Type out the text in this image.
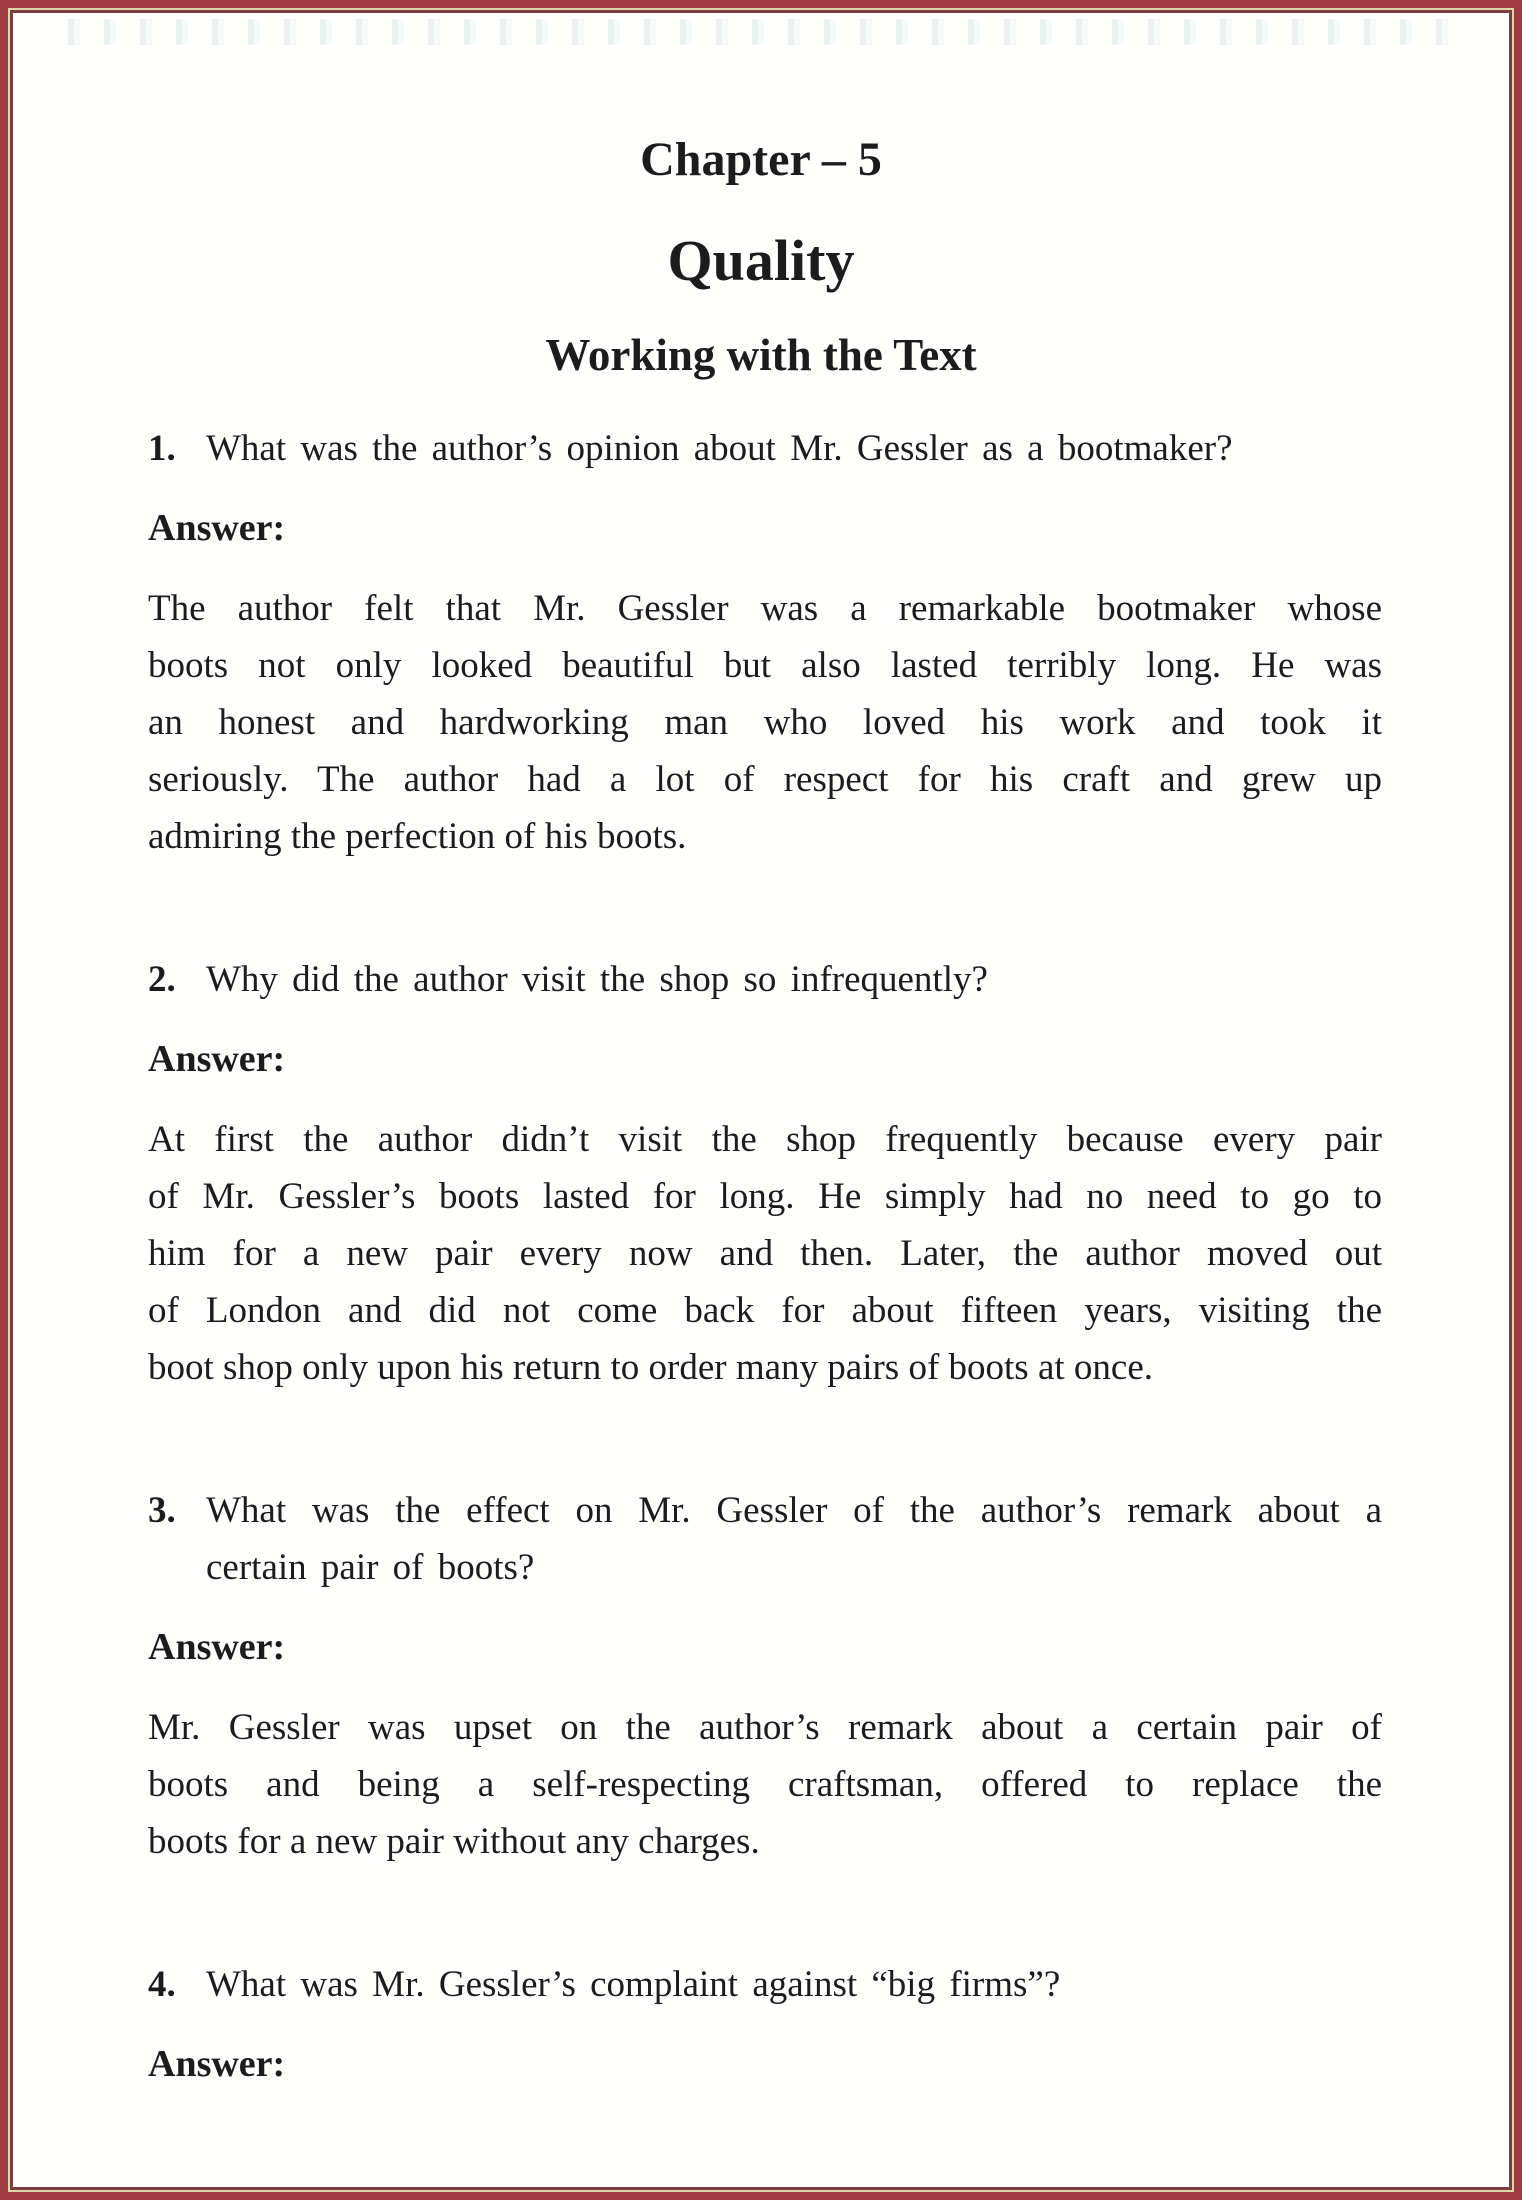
Chapter – 5
Quality
Working with the Text
1. What was the author’s opinion about Mr. Gessler as a bootmaker?
Answer:
The author felt that Mr. Gessler was a remarkable bootmaker whose
boots not only looked beautiful but also lasted terribly long. He was
an honest and hardworking man who loved his work and took it
seriously. The author had a lot of respect for his craft and grew up
admiring the perfection of his boots.
2. Why did the author visit the shop so infrequently?
Answer:
At first the author didn’t visit the shop frequently because every pair
of Mr. Gessler’s boots lasted for long. He simply had no need to go to
him for a new pair every now and then. Later, the author moved out
of London and did not come back for about fifteen years, visiting the
boot shop only upon his return to order many pairs of boots at once.
3. What was the effect on Mr. Gessler of the author’s remark about a
certain pair of boots?
Answer:
Mr. Gessler was upset on the author’s remark about a certain pair of
boots and being a self-respecting craftsman, offered to replace the
boots for a new pair without any charges.
4. What was Mr. Gessler’s complaint against “big firms”?
Answer:
